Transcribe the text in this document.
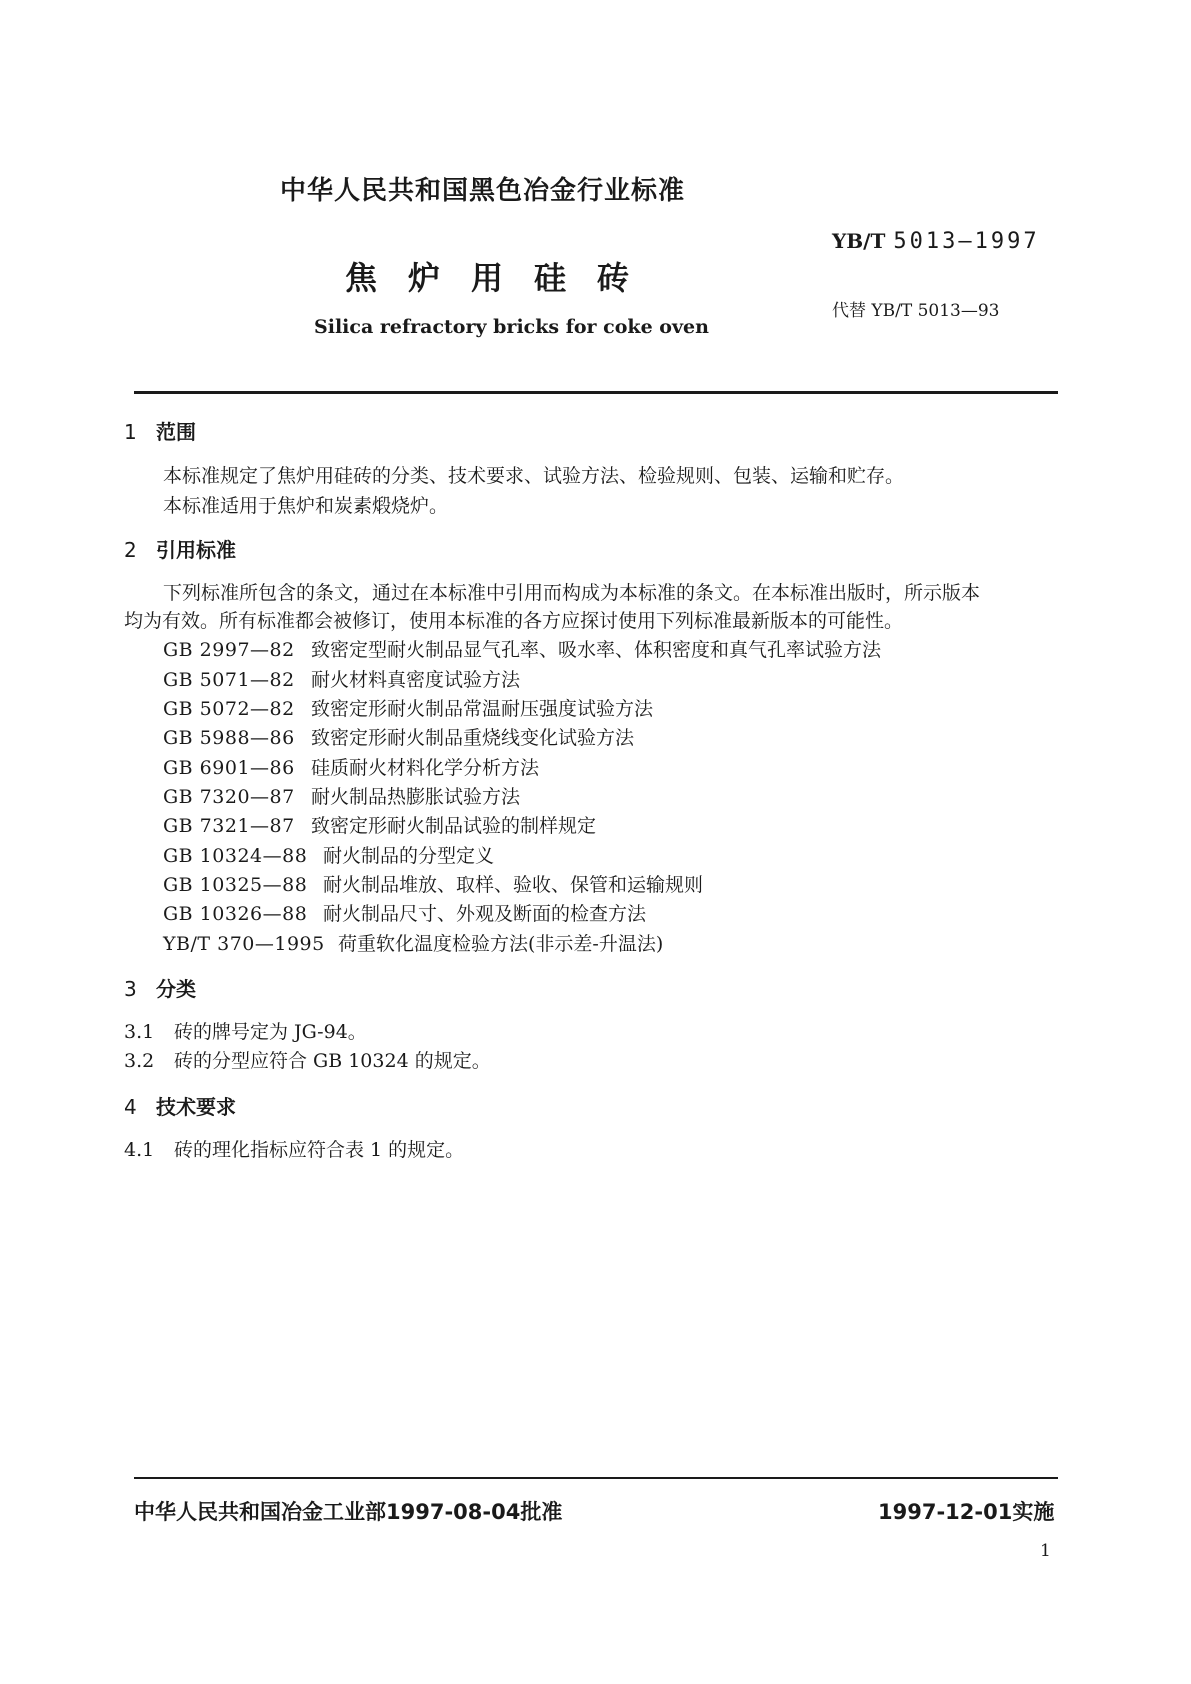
中华人民共和国黑色冶金行业标准
YB/T 5013—1997
焦炉用硅砖
代替 YB/T 5013—93
Silica refractory bricks for coke oven
1 范围
本标准规定了焦炉用硅砖的分类、技术要求、试验方法、检验规则、包装、运输和贮存。
本标准适用于焦炉和炭素煅烧炉。
2 引用标准
下列标准所包含的条文，通过在本标准中引用而构成为本标准的条文。在本标准出版时，所示版本
均为有效。所有标准都会被修订，使用本标准的各方应探讨使用下列标准最新版本的可能性。
GB 2997—82 致密定型耐火制品显气孔率、吸水率、体积密度和真气孔率试验方法
GB 5071—82 耐火材料真密度试验方法
GB 5072—82 致密定形耐火制品常温耐压强度试验方法
GB 5988—86 致密定形耐火制品重烧线变化试验方法
GB 6901—86 硅质耐火材料化学分析方法
GB 7320—87 耐火制品热膨胀试验方法
GB 7321—87 致密定形耐火制品试验的制样规定
GB 10324—88 耐火制品的分型定义
GB 10325—88 耐火制品堆放、取样、验收、保管和运输规则
GB 10326—88 耐火制品尺寸、外观及断面的检查方法
YB/T 370—1995 荷重软化温度检验方法(非示差-升温法)
3 分类
3.1 砖的牌号定为 JG-94。
3.2 砖的分型应符合 GB 10324 的规定。
4 技术要求
4.1 砖的理化指标应符合表 1 的规定。
中华人民共和国冶金工业部1997-08-04批准	1997-12-01实施
1
